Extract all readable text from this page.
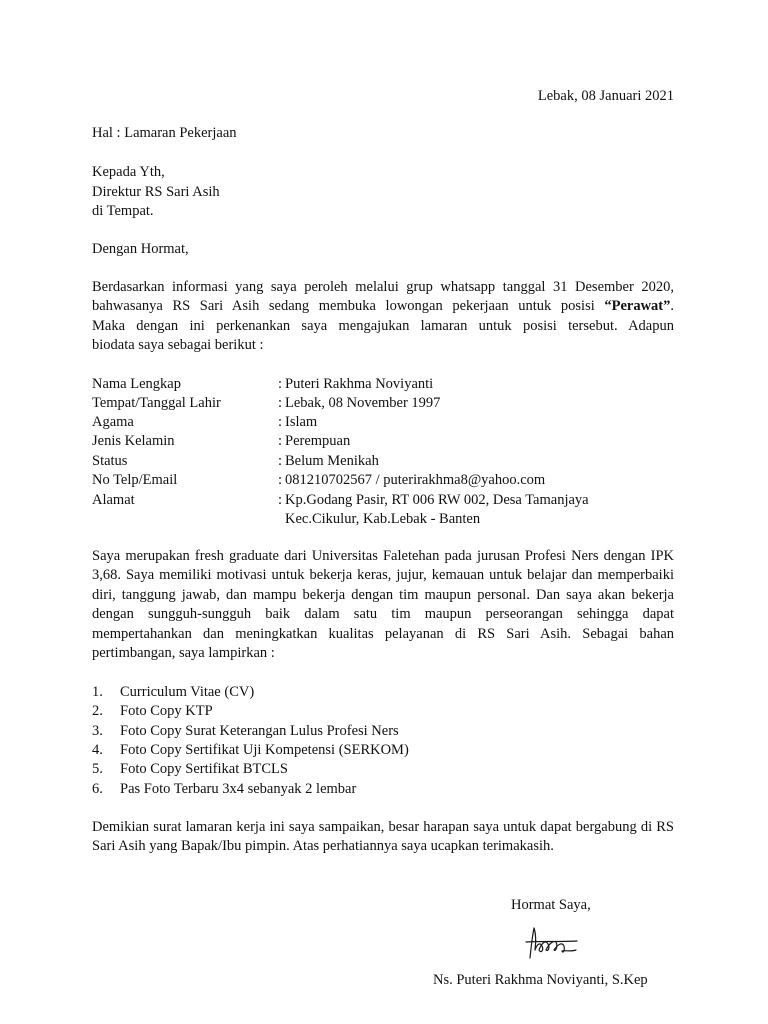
Lebak, 08 Januari 2021
Hal : Lamaran Pekerjaan
Kepada Yth,
Direktur RS Sari Asih
di Tempat.
Dengan Hormat,

Berdasarkan informasi yang saya peroleh melalui grup whatsapp tanggal 31 Desember 2020,

bahwasanya RS Sari Asih sedang membuka lowongan pekerjaan untuk posisi “Perawat”.

Maka dengan ini perkenankan saya mengajukan lamaran untuk posisi tersebut. Adapun

biodata saya sebagai berikut :

Nama Lengkap	: Puteri Rakhma Noviyanti
Tempat/Tanggal Lahir	: Lebak, 08 November 1997
Agama	: Islam
Jenis Kelamin	: Perempuan
Status	: Belum Menikah
No Telp/Email	: 081210702567 / puterirakhma8@yahoo.com
Alamat	: Kp.Godang Pasir, RT 006 RW 002, Desa Tamanjaya
Kec.Cikulur, Kab.Lebak - Banten

Saya merupakan fresh graduate dari Universitas Faletehan pada jurusan Profesi Ners dengan IPK 3,68. Saya memiliki motivasi untuk bekerja keras, jujur, kemauan untuk belajar dan memperbaiki diri, tanggung jawab, dan mampu bekerja dengan tim maupun personal. Dan saya akan bekerja dengan sungguh-sungguh baik dalam satu tim maupun perseorangan sehingga dapat mempertahankan dan meningkatkan kualitas pelayanan di RS Sari Asih. Sebagai bahan pertimbangan, saya lampirkan :

1. Curriculum Vitae (CV)
2. Foto Copy KTP
3. Foto Copy Surat Keterangan Lulus Profesi Ners
4. Foto Copy Sertifikat Uji Kompetensi (SERKOM)
5. Foto Copy Sertifikat BTCLS
6. Pas Foto Terbaru 3x4 sebanyak 2 lembar

Demikian surat lamaran kerja ini saya sampaikan, besar harapan saya untuk dapat bergabung di RS Sari Asih yang Bapak/Ibu pimpin. Atas perhatiannya saya ucapkan terimakasih.

Hormat Saya,
Ns. Puteri Rakhma Noviyanti, S.Kep
